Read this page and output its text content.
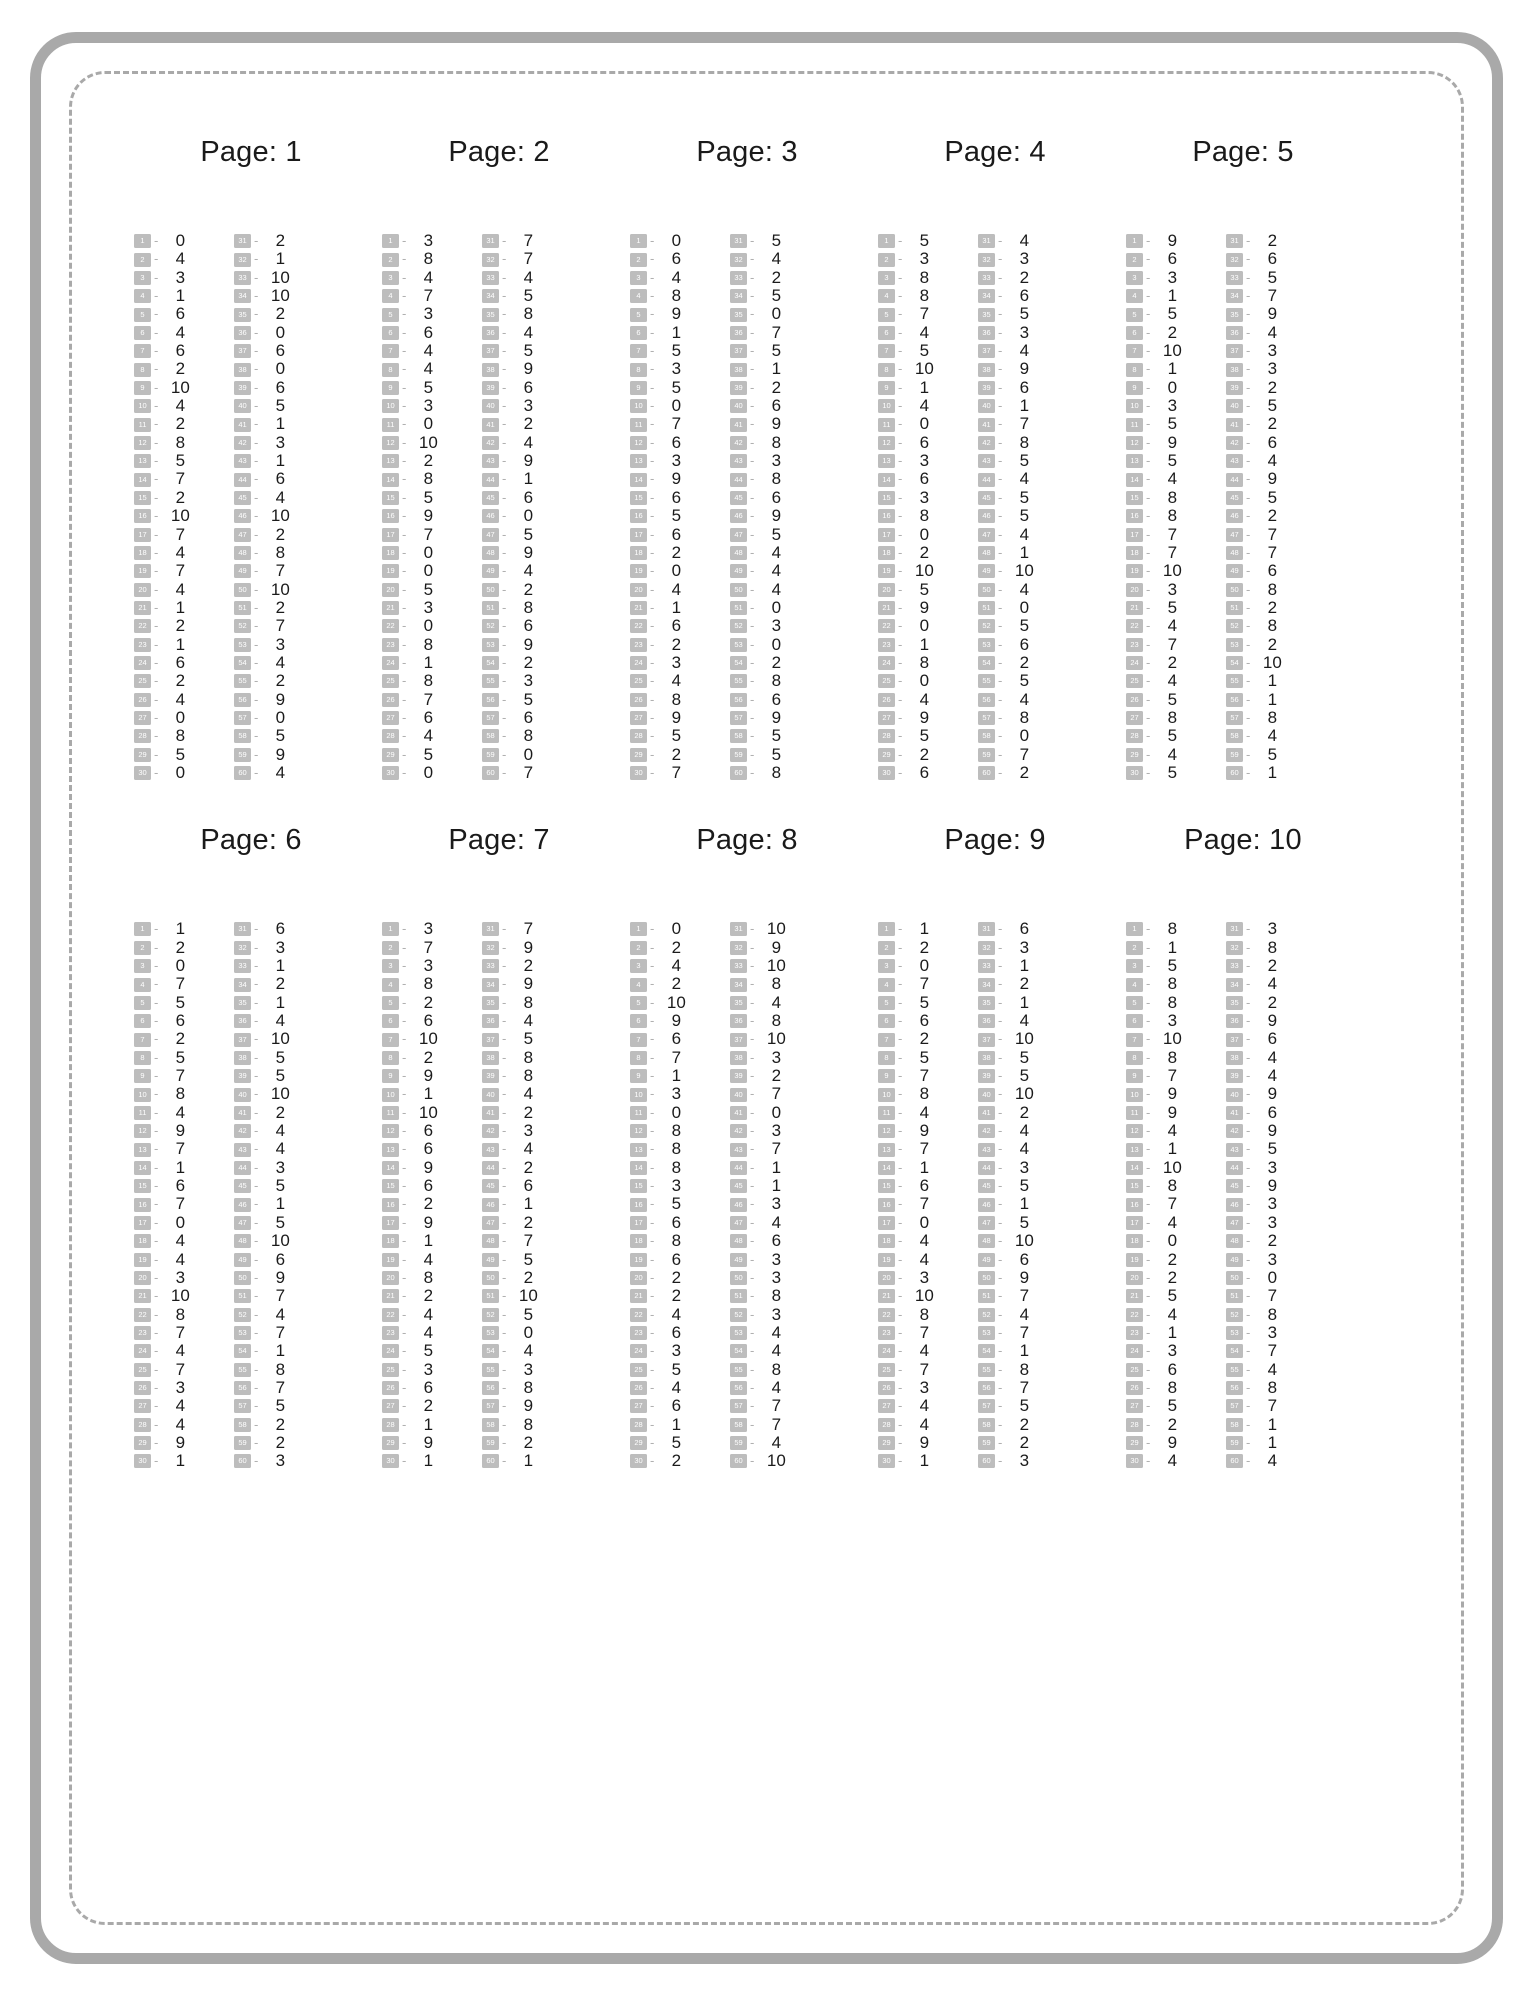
Page: 1
1 -	0
2 -	4
3 -	3
4 -	1
5 -	6
6 -	4
7 -	6
8 -	2
9 - 10
10 -	4
11 -	2
12 -	8
13 -	5
14 -	7
15 -	2
16 - 10
17 -	7
18 -	4
19 -	7
20 -	4
21 -	1
22 -	2
23 -	1
24 -	6
25 -	2
26 -	4
27 -	0
28 -	8
29 -	5
30 -	0
31 -	2
32 -	1
33 - 10
34 - 10
35 -	2
36 -	0
37 -	6
38 -	0
39 -	6
40 -	5
41 -	1
42 -	3
43 -	1
44 -	6
45 -	4
46 - 10
47 -	2
48 -	8
49 -	7
50 - 10
51 -	2
52 -	7
53 -	3
54 -	4
55 -	2
56 -	9
57 -	0
58 -	5
59 -	9
60 -	4
Page: 2
1 -	3
2 -	8
3 -	4
4 -	7
5 -	3
6 -	6
7 -	4
8 -	4
9 -	5
10 -	3
11 -	0
12 - 10
13 -	2
14 -	8
15 -	5
16 -	9
17 -	7
18 -	0
19 -	0
20 -	5
21 -	3
22 -	0
23 -	8
24 -	1
25 -	8
26 -	7
27 -	6
28 -	4
29 -	5
30 -	0
31 -	7
32 -	7
33 -	4
34 -	5
35 -	8
36 -	4
37 -	5
38 -	9
39 -	6
40 -	3
41 -	2
42 -	4
43 -	9
44 -	1
45 -	6
46 -	0
47 -	5
48 -	9
49 -	4
50 -	2
51 -	8
52 -	6
53 -	9
54 -	2
55 -	3
56 -	5
57 -	6
58 -	8
59 -	0
60 -	7
Page: 3
1 -	0
2 -	6
3 -	4
4 -	8
5 -	9
6 -	1
7 -	5
8 -	3
9 -	5
10 -	0
11 -	7
12 -	6
13 -	3
14 -	9
15 -	6
16 -	5
17 -	6
18 -	2
19 -	0
20 -	4
21 -	1
22 -	6
23 -	2
24 -	3
25 -	4
26 -	8
27 -	9
28 -	5
29 -	2
30 -	7
31 -	5
32 -	4
33 -	2
34 -	5
35 -	0
36 -	7
37 -	5
38 -	1
39 -	2
40 -	6
41 -	9
42 -	8
43 -	3
44 -	8
45 -	6
46 -	9
47 -	5
48 -	4
49 -	4
50 -	4
51 -	0
52 -	3
53 -	0
54 -	2
55 -	8
56 -	6
57 -	9
58 -	5
59 -	5
60 -	8
Page: 4
1 -	5
2 -	3
3 -	8
4 -	8
5 -	7
6 -	4
7 -	5
8 - 10
9 -	1
10 -	4
11 -	0
12 -	6
13 -	3
14 -	6
15 -	3
16 -	8
17 -	0
18 -	2
19 - 10
20 -	5
21 -	9
22 -	0
23 -	1
24 -	8
25 -	0
26 -	4
27 -	9
28 -	5
29 -	2
30 -	6
31 -	4
32 -	3
33 -	2
34 -	6
35 -	5
36 -	3
37 -	4
38 -	9
39 -	6
40 -	1
41 -	7
42 -	8
43 -	5
44 -	4
45 -	5
46 -	5
47 -	4
48 -	1
49 - 10
50 -	4
51 -	0
52 -	5
53 -	6
54 -	2
55 -	5
56 -	4
57 -	8
58 -	0
59 -	7
60 -	2
Page: 5
1 -	9
2 -	6
3 -	3
4 -	1
5 -	5
6 -	2
7 - 10
8 -	1
9 -	0
10 -	3
11 -	5
12 -	9
13 -	5
14 -	4
15 -	8
16 -	8
17 -	7
18 -	7
19 - 10
20 -	3
21 -	5
22 -	4
23 -	7
24 -	2
25 -	4
26 -	5
27 -	8
28 -	5
29 -	4
30 -	5
31 -	2
32 -	6
33 -	5
34 -	7
35 -	9
36 -	4
37 -	3
38 -	3
39 -	2
40 -	5
41 -	2
42 -	6
43 -	4
44 -	9
45 -	5
46 -	2
47 -	7
48 -	7
49 -	6
50 -	8
51 -	2
52 -	8
53 -	2
54 - 10
55 -	1
56 -	1
57 -	8
58 -	4
59 -	5
60 -	1
Page: 6
1 -	1
2 -	2
3 -	0
4 -	7
5 -	5
6 -	6
7 -	2
8 -	5
9 -	7
10 -	8
11 -	4
12 -	9
13 -	7
14 -	1
15 -	6
16 -	7
17 -	0
18 -	4
19 -	4
20 -	3
21 - 10
22 -	8
23 -	7
24 -	4
25 -	7
26 -	3
27 -	4
28 -	4
29 -	9
30 -	1
31 -	6
32 -	3
33 -	1
34 -	2
35 -	1
36 -	4
37 - 10
38 -	5
39 -	5
40 - 10
41 -	2
42 -	4
43 -	4
44 -	3
45 -	5
46 -	1
47 -	5
48 - 10
49 -	6
50 -	9
51 -	7
52 -	4
53 -	7
54 -	1
55 -	8
56 -	7
57 -	5
58 -	2
59 -	2
60 -	3
Page: 7
1 -	3
2 -	7
3 -	3
4 -	8
5 -	2
6 -	6
7 - 10
8 -	2
9 -	9
10 -	1
11 - 10
12 -	6
13 -	6
14 -	9
15 -	6
16 -	2
17 -	9
18 -	1
19 -	4
20 -	8
21 -	2
22 -	4
23 -	4
24 -	5
25 -	3
26 -	6
27 -	2
28 -	1
29 -	9
30 -	1
31 -	7
32 -	9
33 -	2
34 -	9
35 -	8
36 -	4
37 -	5
38 -	8
39 -	8
40 -	4
41 -	2
42 -	3
43 -	4
44 -	2
45 -	6
46 -	1
47 -	2
48 -	7
49 -	5
50 -	2
51 - 10
52 -	5
53 -	0
54 -	4
55 -	3
56 -	8
57 -	9
58 -	8
59 -	2
60 -	1
Page: 8
1 -	0
2 -	2
3 -	4
4 -	2
5 - 10
6 -	9
7 -	6
8 -	7
9 -	1
10 -	3
11 -	0
12 -	8
13 -	8
14 -	8
15 -	3
16 -	5
17 -	6
18 -	8
19 -	6
20 -	2
21 -	2
22 -	4
23 -	6
24 -	3
25 -	5
26 -	4
27 -	6
28 -	1
29 -	5
30 -	2
31 - 10
32 -	9
33 - 10
34 -	8
35 -	4
36 -	8
37 - 10
38 -	3
39 -	2
40 -	7
41 -	0
42 -	3
43 -	7
44 -	1
45 -	1
46 -	3
47 -	4
48 -	6
49 -	3
50 -	3
51 -	8
52 -	3
53 -	4
54 -	4
55 -	8
56 -	4
57 -	7
58 -	7
59 -	4
60 - 10
Page: 9
1 -	1
2 -	2
3 -	0
4 -	7
5 -	5
6 -	6
7 -	2
8 -	5
9 -	7
10 -	8
11 -	4
12 -	9
13 -	7
14 -	1
15 -	6
16 -	7
17 -	0
18 -	4
19 -	4
20 -	3
21 - 10
22 -	8
23 -	7
24 -	4
25 -	7
26 -	3
27 -	4
28 -	4
29 -	9
30 -	1
31 -	6
32 -	3
33 -	1
34 -	2
35 -	1
36 -	4
37 - 10
38 -	5
39 -	5
40 - 10
41 -	2
42 -	4
43 -	4
44 -	3
45 -	5
46 -	1
47 -	5
48 - 10
49 -	6
50 -	9
51 -	7
52 -	4
53 -	7
54 -	1
55 -	8
56 -	7
57 -	5
58 -	2
59 -	2
60 -	3
Page: 10
1 -	8
2 -	1
3 -	5
4 -	8
5 -	8
6 -	3
7 - 10
8 -	8
9 -	7
10 -	9
11 -	9
12 -	4
13 -	1
14 - 10
15 -	8
16 -	7
17 -	4
18 -	0
19 -	2
20 -	2
21 -	5
22 -	4
23 -	1
24 -	3
25 -	6
26 -	8
27 -	5
28 -	2
29 -	9
30 -	4
31 -	3
32 -	8
33 -	2
34 -	4
35 -	2
36 -	9
37 -	6
38 -	4
39 -	4
40 -	9
41 -	6
42 -	9
43 -	5
44 -	3
45 -	9
46 -	3
47 -	3
48 -	2
49 -	3
50 -	0
51 -	7
52 -	8
53 -	3
54 -	7
55 -	4
56 -	8
57 -	7
58 -	1
59 -	1
60 -	4
